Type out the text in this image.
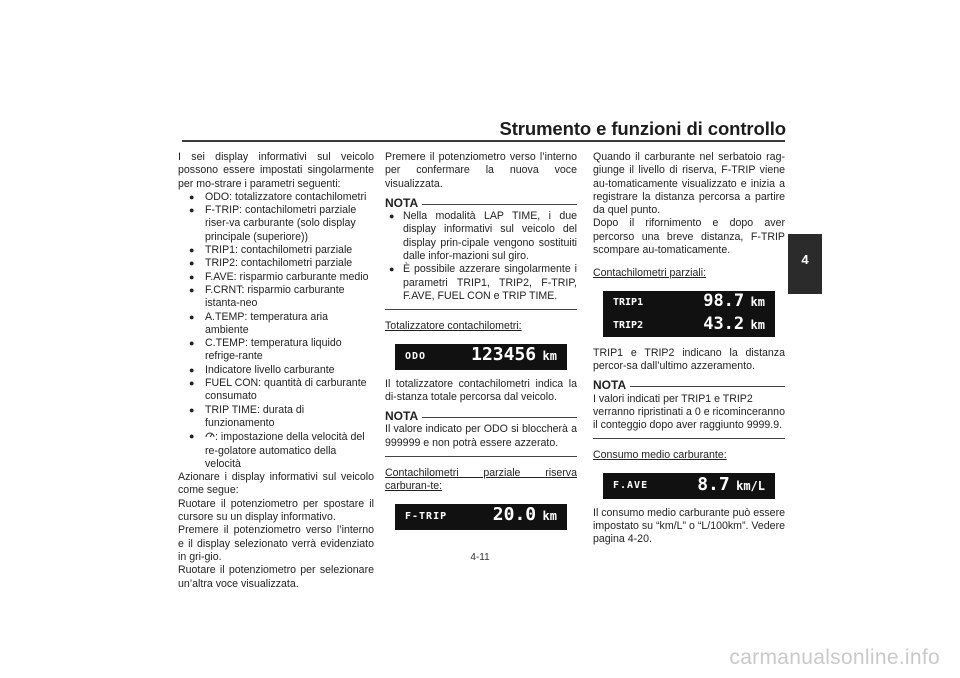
Strumento e funzioni di controllo
4

I sei display informativi sul veicolo possono essere impostati singolarmente per mo-strare i parametri seguenti:

● ODO: totalizzatore contachilometri
● F-TRIP: contachilometri parziale riser-va carburante (solo display principale (superiore))
● TRIP1: contachilometri parziale
● TRIP2: contachilometri parziale
● F.AVE: risparmio carburante medio
● F.CRNT: risparmio carburante istanta-neo
● A.TEMP: temperatura aria ambiente
● C.TEMP: temperatura liquido refrige-rante
● Indicatore livello carburante
● FUEL CON: quantità di carburante consumato
● TRIP TIME: durata di funzionamento
● : impostazione della velocità del re-golatore automatico della velocità

Azionare i display informativi sul veicolo come segue:

Ruotare il potenziometro per spostare il cursore su un display informativo.

Premere il potenziometro verso l’interno e il display selezionato verrà evidenziato in gri-gio.

Ruotare il potenziometro per selezionare un’altra voce visualizzata.

Premere il potenziometro verso l’interno per confermare la nuova voce visualizzata.

NOTA
● Nella modalità LAP TIME, i due display informativi sul veicolo del display prin-cipale vengono sostituiti dalle infor-mazioni sul giro.
● È possibile azzerare singolarmente i parametri TRIP1, TRIP2, F-TRIP, F.AVE, FUEL CON e TRIP TIME.

Totalizzatore contachilometri:

ODO	123456 km

Il totalizzatore contachilometri indica la di-stanza totale percorsa dal veicolo.

NOTA

Il valore indicato per ODO si bloccherà a 999999 e non potrà essere azzerato.

Contachilometri parziale riserva carburan-te:

F-TRIP	20.0 km

Quando il carburante nel serbatoio rag-giunge il livello di riserva, F-TRIP viene au-tomaticamente visualizzato e inizia a registrare la distanza percorsa a partire da quel punto.

Dopo il rifornimento e dopo aver percorso una breve distanza, F-TRIP scompare au-tomaticamente.

Contachilometri parziali:

TRIP1	98.7 km
TRIP2	43.2 km

TRIP1 e TRIP2 indicano la distanza percor-sa dall’ultimo azzeramento.

NOTA

I valori indicati per TRIP1 e TRIP2 verranno ripristinati a 0 e ricominceranno il conteggio dopo aver raggiunto 9999.9.

Consumo medio carburante:

F.AVE	8.7 km/L

Il consumo medio carburante può essere impostato su “km/L” o “L/100km”. Vedere pagina 4-20.

4-11
carmanualsonline.info
